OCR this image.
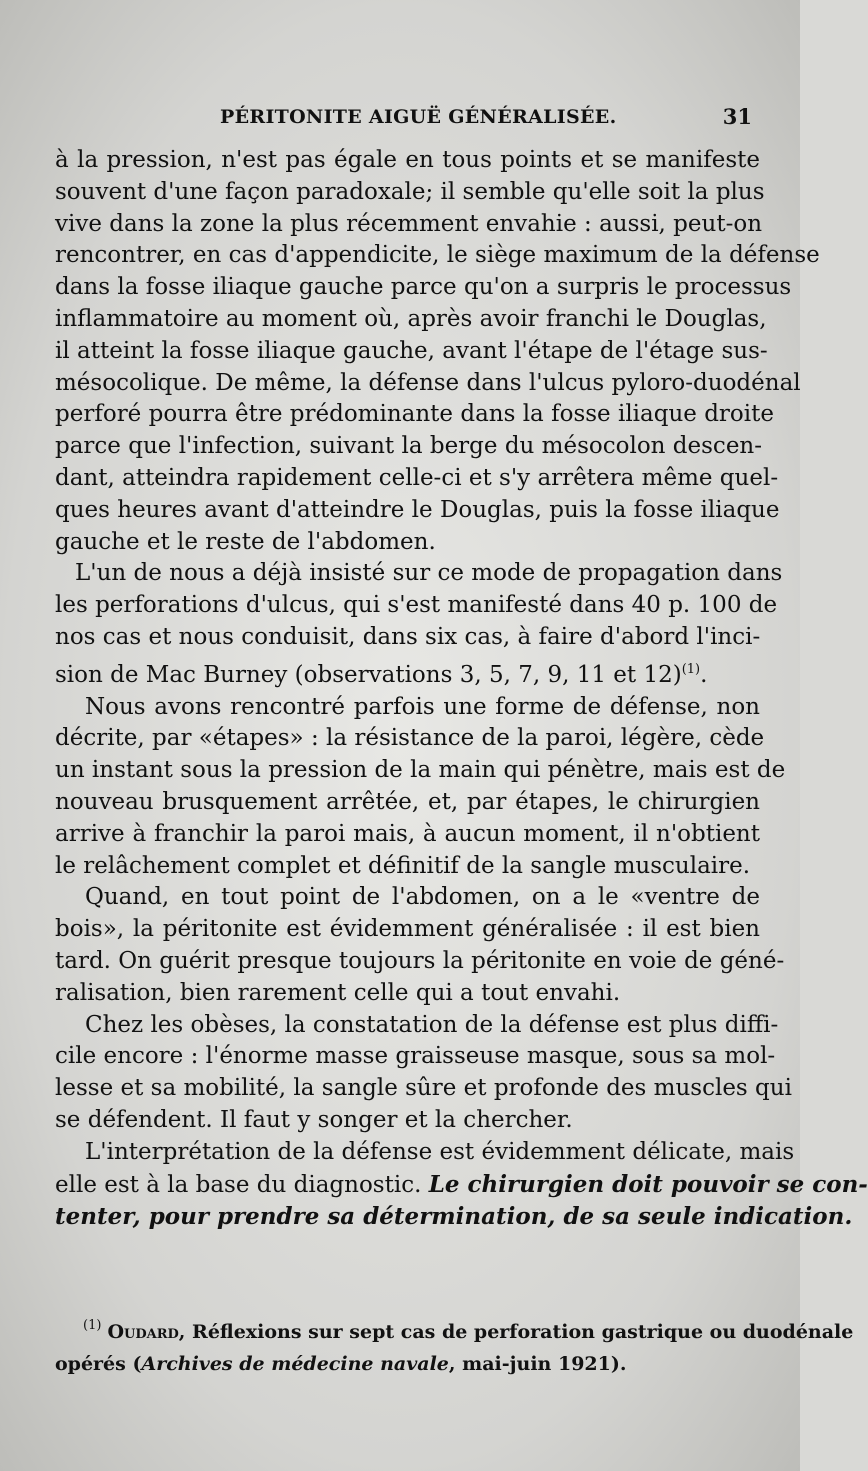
PÉRITONITE AIGUË GÉNÉRALISÉE.	31

à la pression, n'est pas égale en tous points et se manifeste
souvent d'une façon paradoxale; il semble qu'elle soit la plus
vive dans la zone la plus récemment envahie : aussi, peut-on
rencontrer, en cas d'appendicite, le siège maximum de la défense
dans la fosse iliaque gauche parce qu'on a surpris le processus
inflammatoire au moment où, après avoir franchi le Douglas,
il atteint la fosse iliaque gauche, avant l'étape de l'étage sus-
mésocolique. De même, la défense dans l'ulcus pyloro-duodénal
perforé pourra être prédominante dans la fosse iliaque droite
parce que l'infection, suivant la berge du mésocolon descen-
dant, atteindra rapidement celle-ci et s'y arrêtera même quel-
ques heures avant d'atteindre le Douglas, puis la fosse iliaque
gauche et le reste de l'abdomen.

L'un de nous a déjà insisté sur ce mode de propagation dans
les perforations d'ulcus, qui s'est manifesté dans 40 p. 100 de
nos cas et nous conduisit, dans six cas, à faire d'abord l'inci-
sion de Mac Burney (observations 3, 5, 7, 9, 11 et 12)$^{(1)}$.

Nous avons rencontré parfois une forme de défense, non
décrite, par «étapes» : la résistance de la paroi, légère, cède
un instant sous la pression de la main qui pénètre, mais est de
nouveau brusquement arrêtée, et, par étapes, le chirurgien
arrive à franchir la paroi mais, à aucun moment, il n'obtient
le relâchement complet et définitif de la sangle musculaire.

Quand, en tout point de l'abdomen, on a le «ventre de
bois», la péritonite est évidemment généralisée : il est bien
tard. On guérit presque toujours la péritonite en voie de géné-
ralisation, bien rarement celle qui a tout envahi.

Chez les obèses, la constatation de la défense est plus diffi-
cile encore : l'énorme masse graisseuse masque, sous sa mol-
lesse et sa mobilité, la sangle sûre et profonde des muscles qui
se défendent. Il faut y songer et la chercher.

L'interprétation de la défense est évidemment délicate, mais
elle est à la base du diagnostic. Le chirurgien doit pouvoir se con-
tenter, pour prendre sa détermination, de sa seule indication.

$^{(1)}$ Oudard, Réflexions sur sept cas de perforation gastrique ou duodénale
opérés (Archives de médecine navale, mai-juin 1921).
